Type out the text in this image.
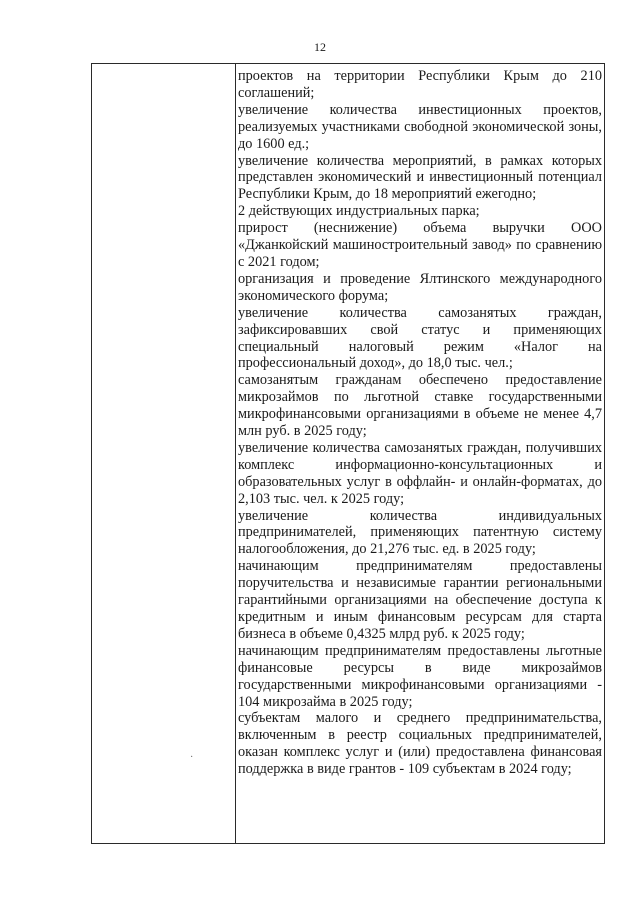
12

проектов на территории Республики Крым до 210 соглашений;

увеличение количества инвестиционных проектов, реализуемых участниками свободной экономической зоны, до 1600 ед.;

увеличение количества мероприятий, в рамках которых представлен экономический и инвестиционный потенциал Республики Крым, до 18 мероприятий ежегодно;

2 действующих индустриальных парка;

прирост (неснижение) объема выручки ООО «Джанкойский машиностроительный завод» по сравнению с 2021 годом;

организация и проведение Ялтинского международного экономического форума;

увеличение количества самозанятых граждан, зафиксировавших свой статус и применяющих специальный налоговый режим «Налог на профессиональный доход», до 18,0 тыс. чел.;

самозанятым гражданам обеспечено предоставление микрозаймов по льготной ставке государственными микрофинансовыми организациями в объеме не менее 4,7 млн руб. в 2025 году;

увеличение количества самозанятых граждан, получивших комплекс информационно-консультационных и образовательных услуг в оффлайн- и онлайн-форматах, до 2,103 тыс. чел. к 2025 году;

увеличение количества индивидуальных предпринимателей, применяющих патентную систему налогообложения, до 21,276 тыс. ед. в 2025 году;

начинающим предпринимателям предоставлены поручительства и независимые гарантии региональными гарантийными организациями на обеспечение доступа к кредитным и иным финансовым ресурсам для старта бизнеса в объеме 0,4325 млрд руб. к 2025 году;

начинающим предпринимателям предоставлены льготные финансовые ресурсы в виде микрозаймов государственными микрофинансовыми организациями - 104 микрозайма в 2025 году;

субъектам малого и среднего предпринимательства, включенным в реестр социальных предпринимателей, оказан комплекс услуг и (или) предоставлена финансовая поддержка в виде грантов - 109 субъектам в 2024 году;

·
